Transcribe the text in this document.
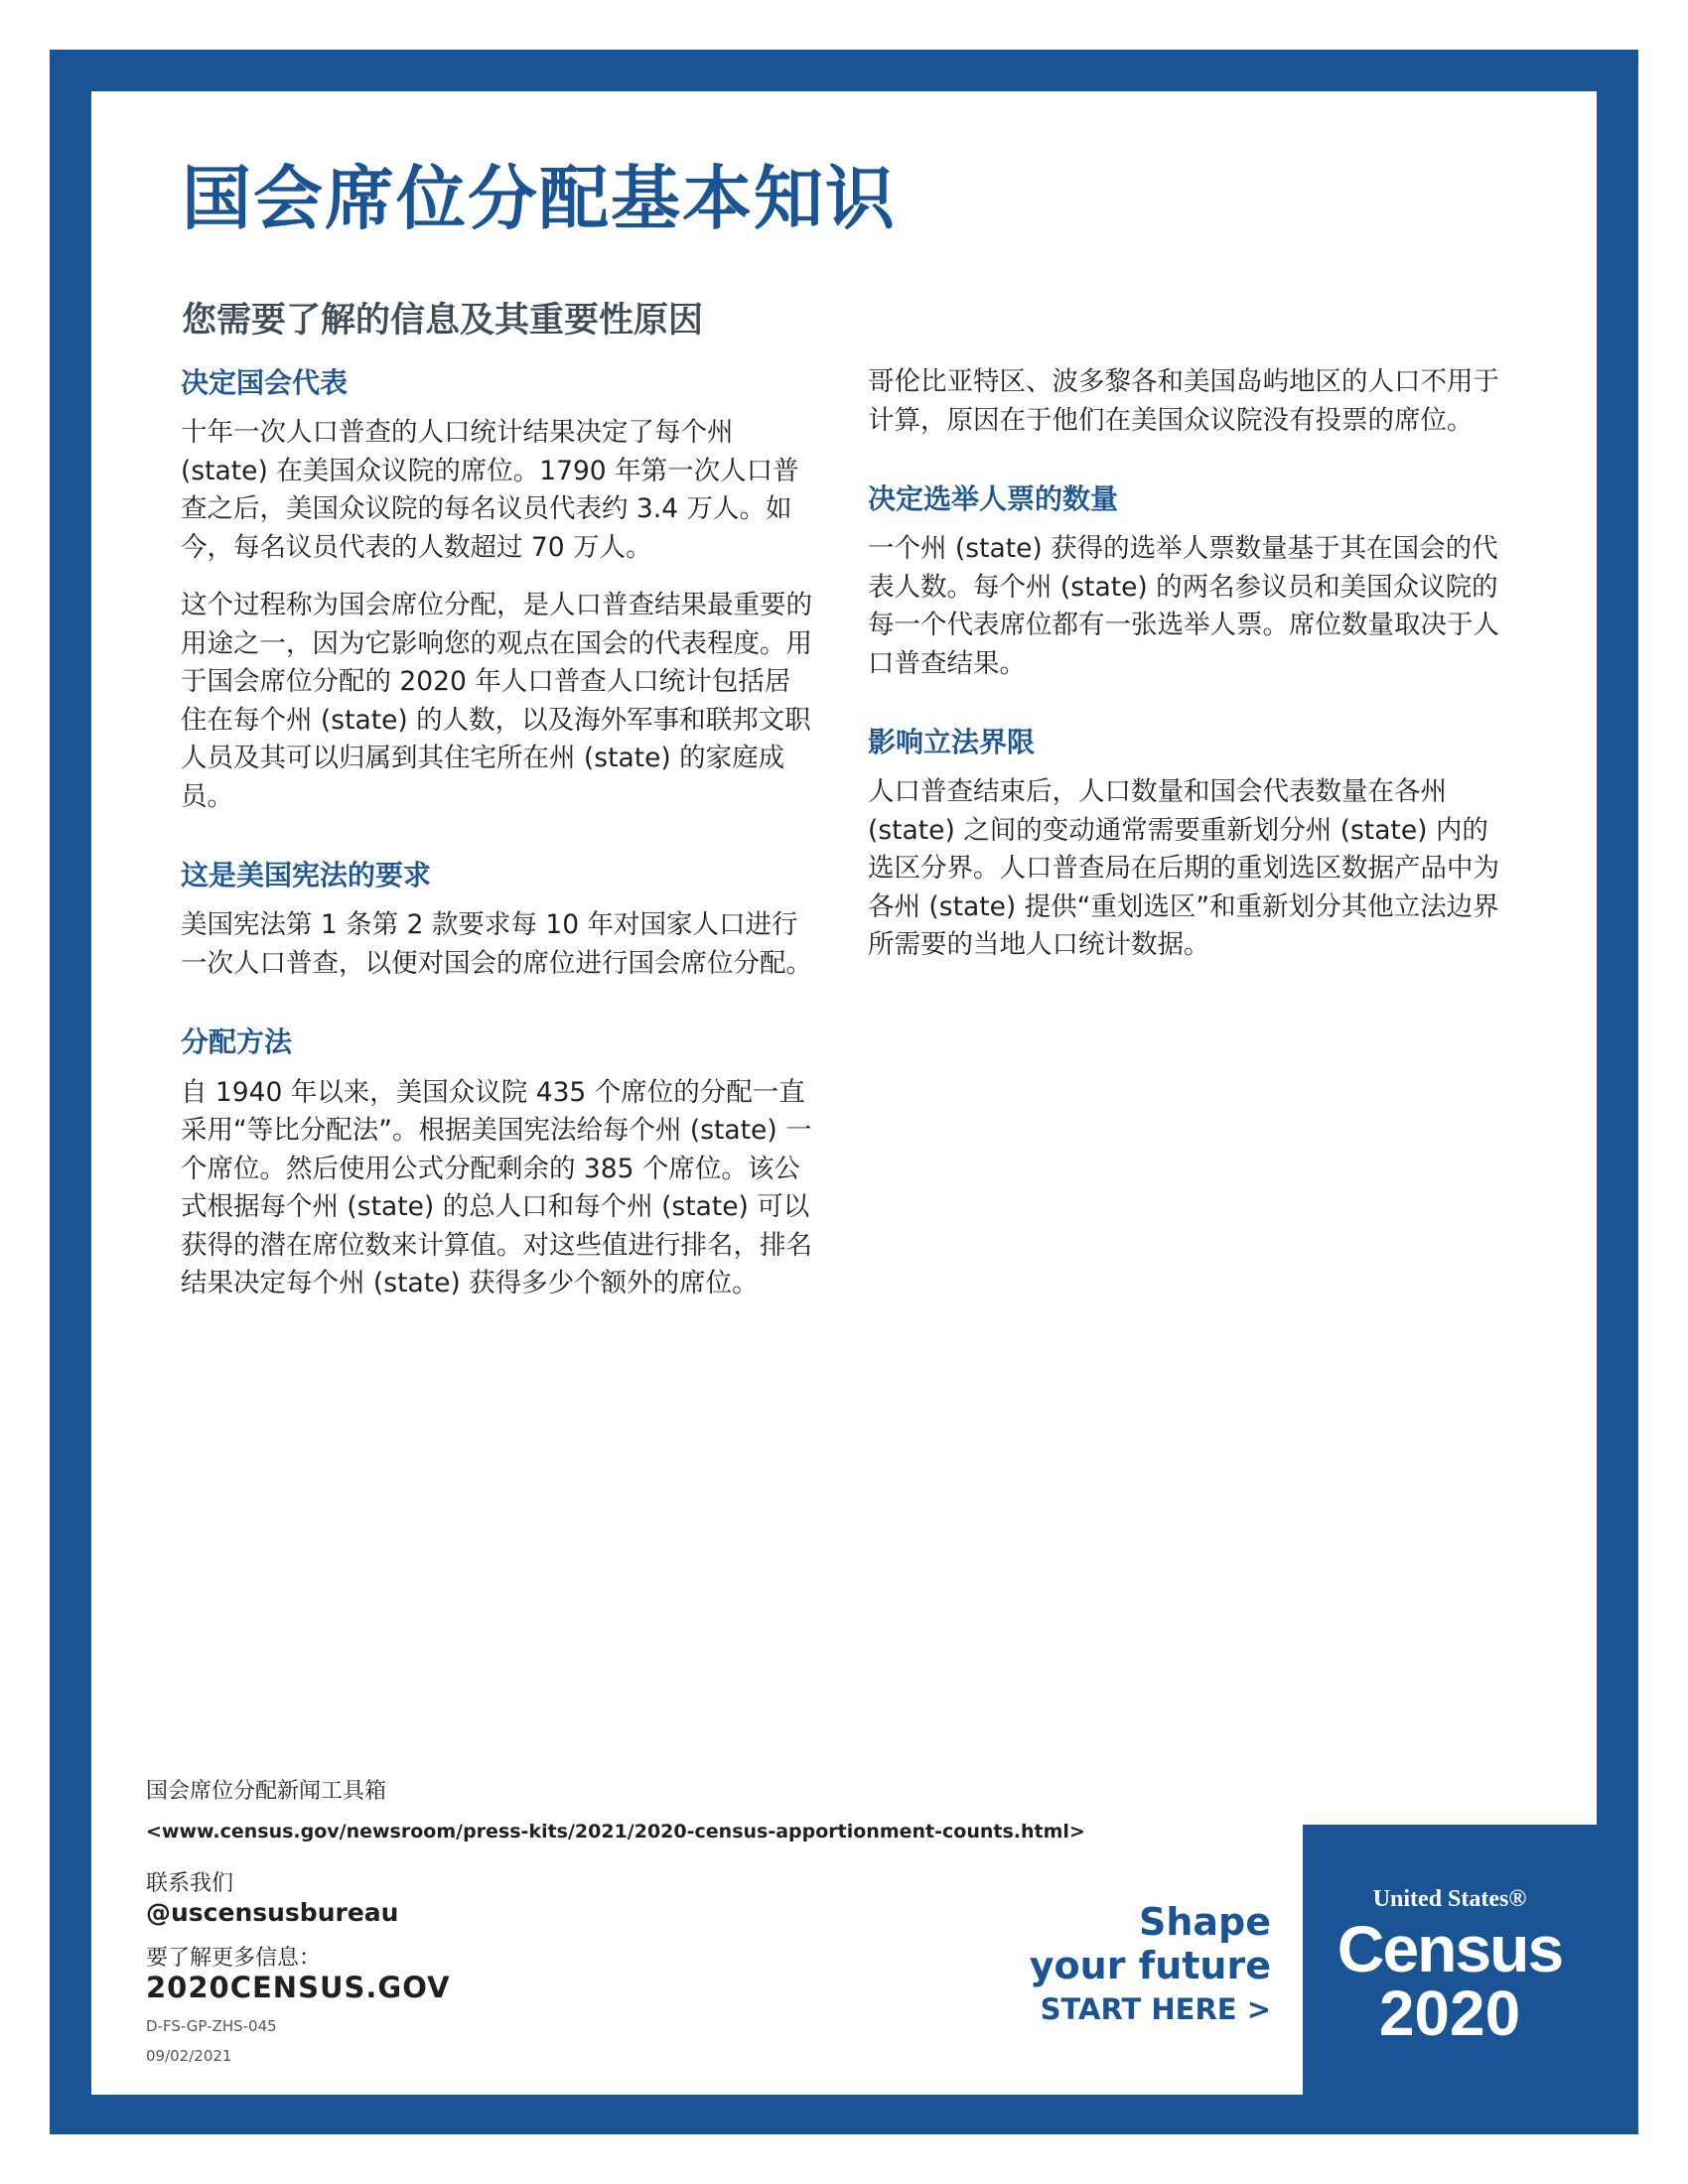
国会席位分配基本知识
您需要了解的信息及其重要性原因
决定国会代表

十年一次人口普查的人口统计结果决定了每个州 (state) 在美国众议院的席位。1790 年第一次人口普查之后，美国众议院的每名议员代表约 3.4 万人。如今，每名议员代表的人数超过 70 万人。

这个过程称为国会席位分配，是人口普查结果最重要的用途之一，因为它影响您的观点在国会的代表程度。用于国会席位分配的 2020 年人口普查人口统计包括居住在每个州 (state) 的人数，以及海外军事和联邦文职人员及其可以归属到其住宅所在州 (state) 的家庭成员。

这是美国宪法的要求

美国宪法第 1 条第 2 款要求每 10 年对国家人口进行一次人口普查，以便对国会的席位进行国会席位分配。

分配方法

自 1940 年以来，美国众议院 435 个席位的分配一直采用“等比分配法”。根据美国宪法给每个州 (state) 一个席位。然后使用公式分配剩余的 385 个席位。该公式根据每个州 (state) 的总人口和每个州 (state) 可以获得的潜在席位数来计算值。对这些值进行排名，排名结果决定每个州 (state) 获得多少个额外的席位。

哥伦比亚特区、波多黎各和美国岛屿地区的人口不用于计算，原因在于他们在美国众议院没有投票的席位。

决定选举人票的数量

一个州 (state) 获得的选举人票数量基于其在国会的代表人数。每个州 (state) 的两名参议员和美国众议院的每一个代表席位都有一张选举人票。席位数量取决于人口普查结果。

影响立法界限

人口普查结束后，人口数量和国会代表数量在各州 (state) 之间的变动通常需要重新划分州 (state) 内的选区分界。人口普查局在后期的重划选区数据产品中为各州 (state) 提供“重划选区”和重新划分其他立法边界所需要的当地人口统计数据。

国会席位分配新闻工具箱
<www.census.gov/newsroom/press-kits/2021/2020-census-apportionment-counts.html>
联系我们
@uscensusbureau
要了解更多信息：
2020CENSUS.GOV
D-FS-GP-ZHS-045
09/02/2021
Shape
your future
START HERE >
United States®
Census
2020
